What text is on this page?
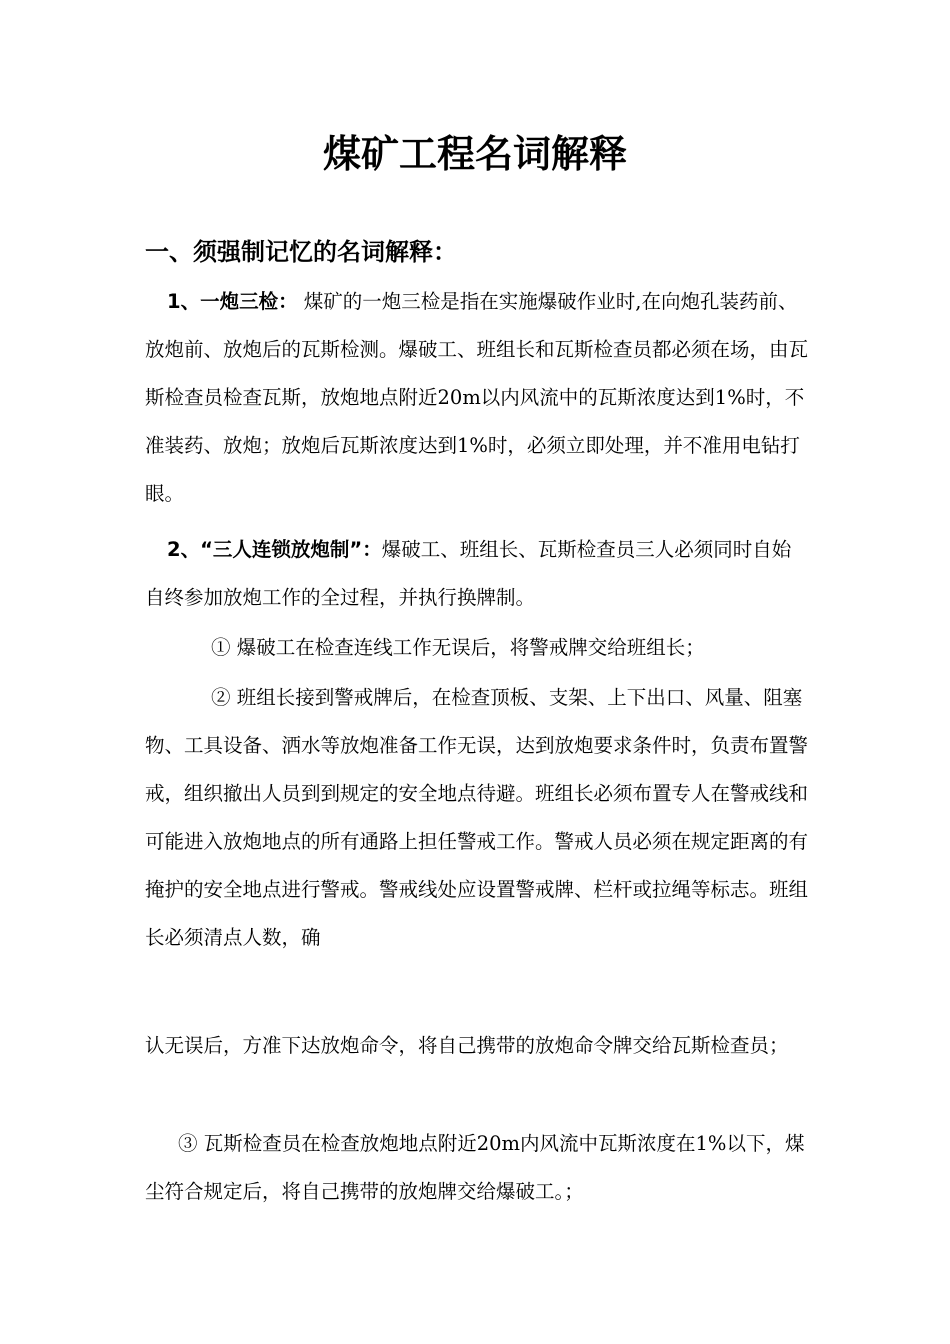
煤矿工程名词解释
一、须强制记忆的名词解释：

1、一炮三检： 煤矿的一炮三检是指在实施爆破作业时,在向炮孔装药前、放炮前、放炮后的瓦斯检测。爆破工、班组长和瓦斯检查员都必须在场，由瓦斯检查员检查瓦斯，放炮地点附近20m以内风流中的瓦斯浓度达到1%时，不准装药、放炮；放炮后瓦斯浓度达到1%时，必须立即处理，并不准用电钻打眼。

2、“三人连锁放炮制”：爆破工、班组长、瓦斯检查员三人必须同时自始自终参加放炮工作的全过程，并执行换牌制。

① 爆破工在检查连线工作无误后，将警戒牌交给班组长；

② 班组长接到警戒牌后，在检查顶板、支架、上下出口、风量、阻塞物、工具设备、洒水等放炮准备工作无误，达到放炮要求条件时，负责布置警戒，组织撤出人员到到规定的安全地点待避。班组长必须布置专人在警戒线和可能进入放炮地点的所有通路上担任警戒工作。警戒人员必须在规定距离的有掩护的安全地点进行警戒。警戒线处应设置警戒牌、栏杆或拉绳等标志。班组长必须清点人数，确

认无误后，方准下达放炮命令，将自己携带的放炮命令牌交给瓦斯检查员；

③ 瓦斯检查员在检查放炮地点附近20m内风流中瓦斯浓度在1%以下，煤尘符合规定后，将自己携带的放炮牌交给爆破工。；
